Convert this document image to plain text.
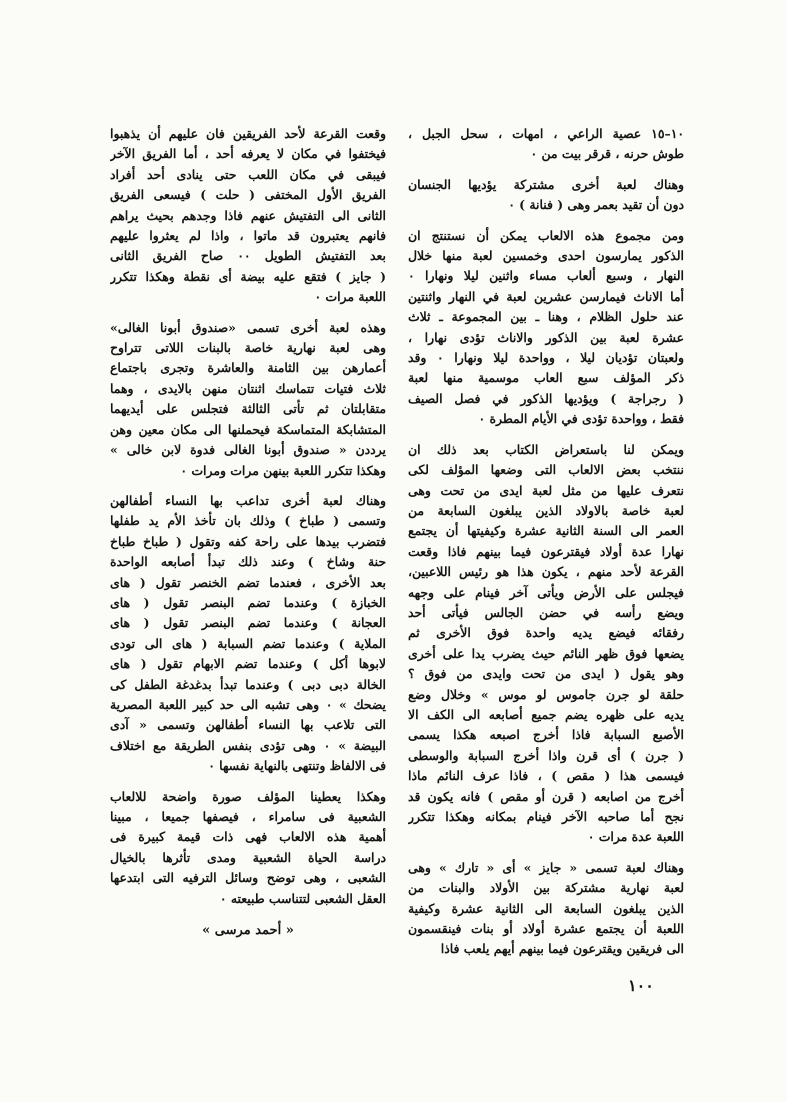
١٠–١٥ عصية الراعي ، امهات ، سحل الجبل ،
طوش حرنه ، قرقر بيت من ٠
وهناك لعبة أخرى مشتركة يؤديها الجنسان
دون أن تقيد بعمر وهى ( فنانة ) ٠
ومن مجموع هذه الالعاب يمكن أن نستنتج ان
الذكور يمارسون احدى وخمسين لعبة منها خلال
النهار ، وسبع ألعاب مساء واثنين ليلا ونهارا ٠
أما الاناث فيمارسن عشرين لعبة في النهار واثنتين
عند حلول الظلام ، وهنا ـ بين المجموعة ـ ثلاث
عشرة لعبة بين الذكور والاناث تؤدى نهارا ،
ولعبتان تؤديان ليلا ، وواحدة ليلا ونهارا ٠ وقد
ذكر المؤلف سبع العاب موسمية منها لعبة
( رجراجة ) ويؤديها الذكور في فصل الصيف
فقط ، وواحدة تؤدى في الأيام المطرة ٠
ويمكن لنا باستعراض الكتاب بعد ذلك ان
ننتخب بعض الالعاب التى وضعها المؤلف لكى
نتعرف عليها من مثل لعبة ايدى من تحت وهى
لعبة خاصة بالاولاد الذين يبلغون السابعة من
العمر الى السنة الثانية عشرة وكيفيتها أن يجتمع
نهارا عدة أولاد فيقترعون فيما بينهم فاذا وقعت
القرعة لأحد منهم ، يكون هذا هو رئيس اللاعبين،
فيجلس على الأرض ويأتى آخر فينام على وجهه
ويضع رأسه في حضن الجالس فيأتى أحد
رفقائه فيضع يديه واحدة فوق الأخرى ثم
يضعها فوق ظهر النائم حيث يضرب يدا على أخرى
وهو يقول ( ايدى من تحت وايدى من فوق ؟
حلقة لو جرن جاموس لو موس » وخلال وضع
يديه على ظهره يضم جميع أصابعه الى الكف الا
الأصبع السبابة فاذا أخرج اصبعه هكذا يسمى
( جرن ) أى قرن واذا أخرج السبابة والوسطى
فيسمى هذا ( مقص ) ، فاذا عرف النائم ماذا
أخرج من اصابعه ( قرن أو مقص ) فانه يكون قد
نجح أما صاحبه الآخر فينام بمكانه وهكذا تتكرر
اللعبة عدة مرات ٠
وهناك لعبة تسمى « جايز » أى « تارك » وهى
لعبة نهارية مشتركة بين الأولاد والبنات من
الذين يبلغون السابعة الى الثانية عشرة وكيفية
اللعبة أن يجتمع عشرة أولاد أو بنات فينقسمون
الى فريقين ويقترعون فيما بينهم أيهم يلعب فاذا
وقعت القرعة لأحد الفريقين فان عليهم أن يذهبوا
فيختفوا في مكان لا يعرفه أحد ، أما الفريق الآخر
فيبقى في مكان اللعب حتى ينادى أحد أفراد
الفريق الأول المختفى ( حلت ) فيسعى الفريق
الثانى الى التفتيش عنهم فاذا وجدهم بحيث يراهم
فانهم يعتبرون قد ماتوا ، واذا لم يعثروا عليهم
بعد التفتيش الطويل ٠٠ صاح الفريق الثانى
( جايز ) فتقع عليه بيضة أى نقطة وهكذا تتكرر
اللعبة مرات ٠
وهذه لعبة أخرى تسمى «صندوق أبونا الغالى»
وهى لعبة نهارية خاصة بالبنات اللاتى تتراوح
أعمارهن بين الثامنة والعاشرة وتجرى باجتماع
ثلاث فتيات تتماسك اثنتان منهن بالايدى ، وهما
متقابلتان ثم تأتى الثالثة فتجلس على أيديهما
المتشابكة المتماسكة فيحملنها الى مكان معين وهن
يرددن « صندوق أبونا الغالى فدوة لابن خالى »
وهكذا تتكرر اللعبة بينهن مرات ومرات ٠
وهناك لعبة أخرى تداعب بها النساء أطفالهن
وتسمى ( طباخ ) وذلك بان تأخذ الأم يد طفلها
فتضرب بيدها على راحة كفه وتقول ( طباخ طباخ
حنة وشاخ ) وعند ذلك تبدأ أصابعه الواحدة
بعد الأخرى ، فعندما تضم الخنصر تقول ( هاى
الخبازة ) وعندما تضم البنصر تقول ( هاى
العجانة ) وعندما تضم البنصر تقول ( هاى
الملاية ) وعندما تضم السبابة ( هاى الى تودى
لابوها أكل ) وعندما تضم الابهام تقول ( هاى
الخالة دبى دبى ) وعندما تبدأ بدغدغة الطفل كى
يضحك » ٠ وهى تشبه الى حد كبير اللعبة المصرية
التى تلاعب بها النساء أطفالهن وتسمى « آدى
البيضة » ٠ وهى تؤدى بنفس الطريقة مع اختلاف
فى الالفاظ وتنتهى بالنهاية نفسها ٠
وهكذا يعطينا المؤلف صورة واضحة للالعاب
الشعبية فى سامراء ، فيصفها جميعا ، مبينا
أهمية هذه الالعاب فهى ذات قيمة كبيرة فى
دراسة الحياة الشعبية ومدى تأثرها بالخيال
الشعبى ، وهى توضح وسائل الترفيه التى ابتدعها
العقل الشعبى لتتناسب طبيعته ٠
« أحمد مرسى »
١٠٠
